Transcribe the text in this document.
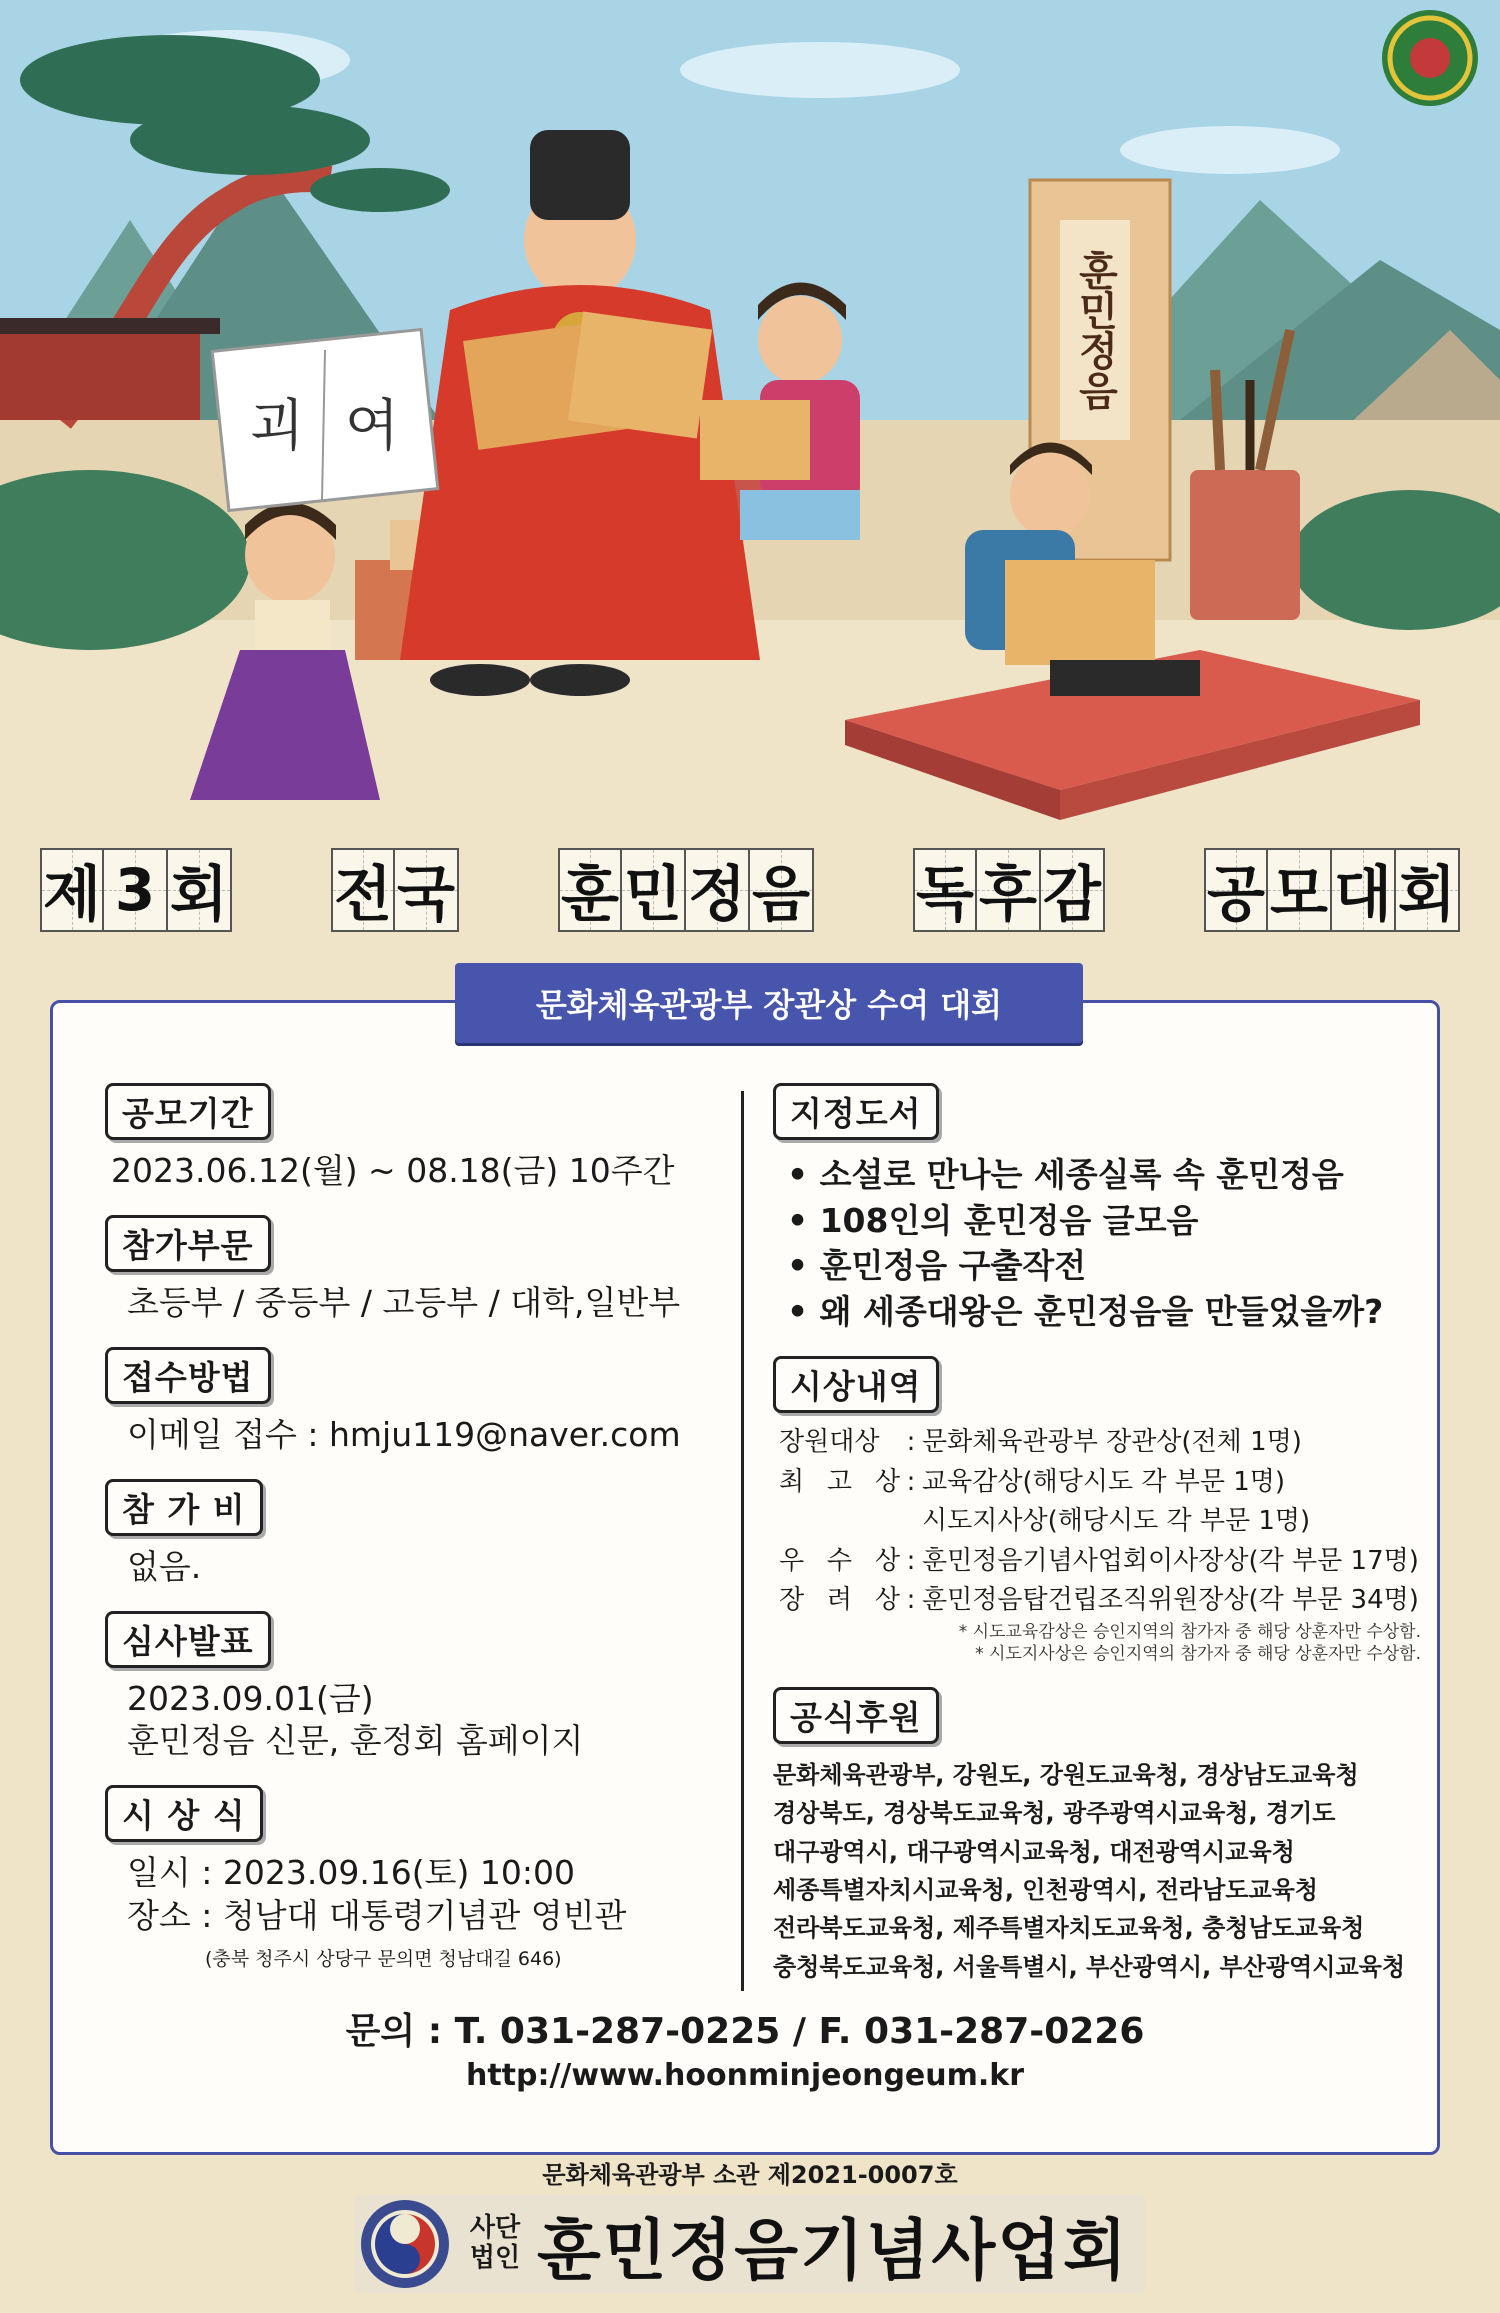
훈민정음
괴 여
제 3 회 전 국 훈 민 정 음 독 후 감 공 모 대 회
문화체육관광부 장관상 수여 대회
공모기간
2023.06.12(월) ~ 08.18(금) 10주간
참가부문
초등부 / 중등부 / 고등부 / 대학,일반부
접수방법
이메일 접수 : hmju119@naver.com
참 가 비
없음.
심사발표
2023.09.01(금)
훈민정음 신문, 훈정회 홈페이지
시 상 식
일시 : 2023.09.16(토) 10:00
장소 : 청남대 대통령기념관 영빈관
(충북 청주시 상당구 문의면 청남대길 646)
지정도서
• 소설로 만나는 세종실록 속 훈민정음
• 108인의 훈민정음 글모음
• 훈민정음 구출작전
• 왜 세종대왕은 훈민정음을 만들었을까?
시상내역
장원대상	: 문화체육관광부 장관상(전체 1명)
최 고 상 : 교육감상(해당시도 각 부문 1명)
시도지사상(해당시도 각 부문 1명)
우 수 상 : 훈민정음기념사업회이사장상(각 부문 17명)
장 려 상 : 훈민정음탑건립조직위원장상(각 부문 34명)
* 시도교육감상은 승인지역의 참가자 중 해당 상훈자만 수상함.
* 시도지사상은 승인지역의 참가자 중 해당 상훈자만 수상함.
공식후원
문화체육관광부, 강원도, 강원도교육청, 경상남도교육청
경상북도, 경상북도교육청, 광주광역시교육청, 경기도
대구광역시, 대구광역시교육청, 대전광역시교육청
세종특별자치시교육청, 인천광역시, 전라남도교육청
전라북도교육청, 제주특별자치도교육청, 충청남도교육청
충청북도교육청, 서울특별시, 부산광역시, 부산광역시교육청
문의 : T. 031-287-0225 / F. 031-287-0226
http://www.hoonminjeongeum.kr
문화체육관광부 소관 제2021-0007호
사단
법인 훈민정음기념사업회
